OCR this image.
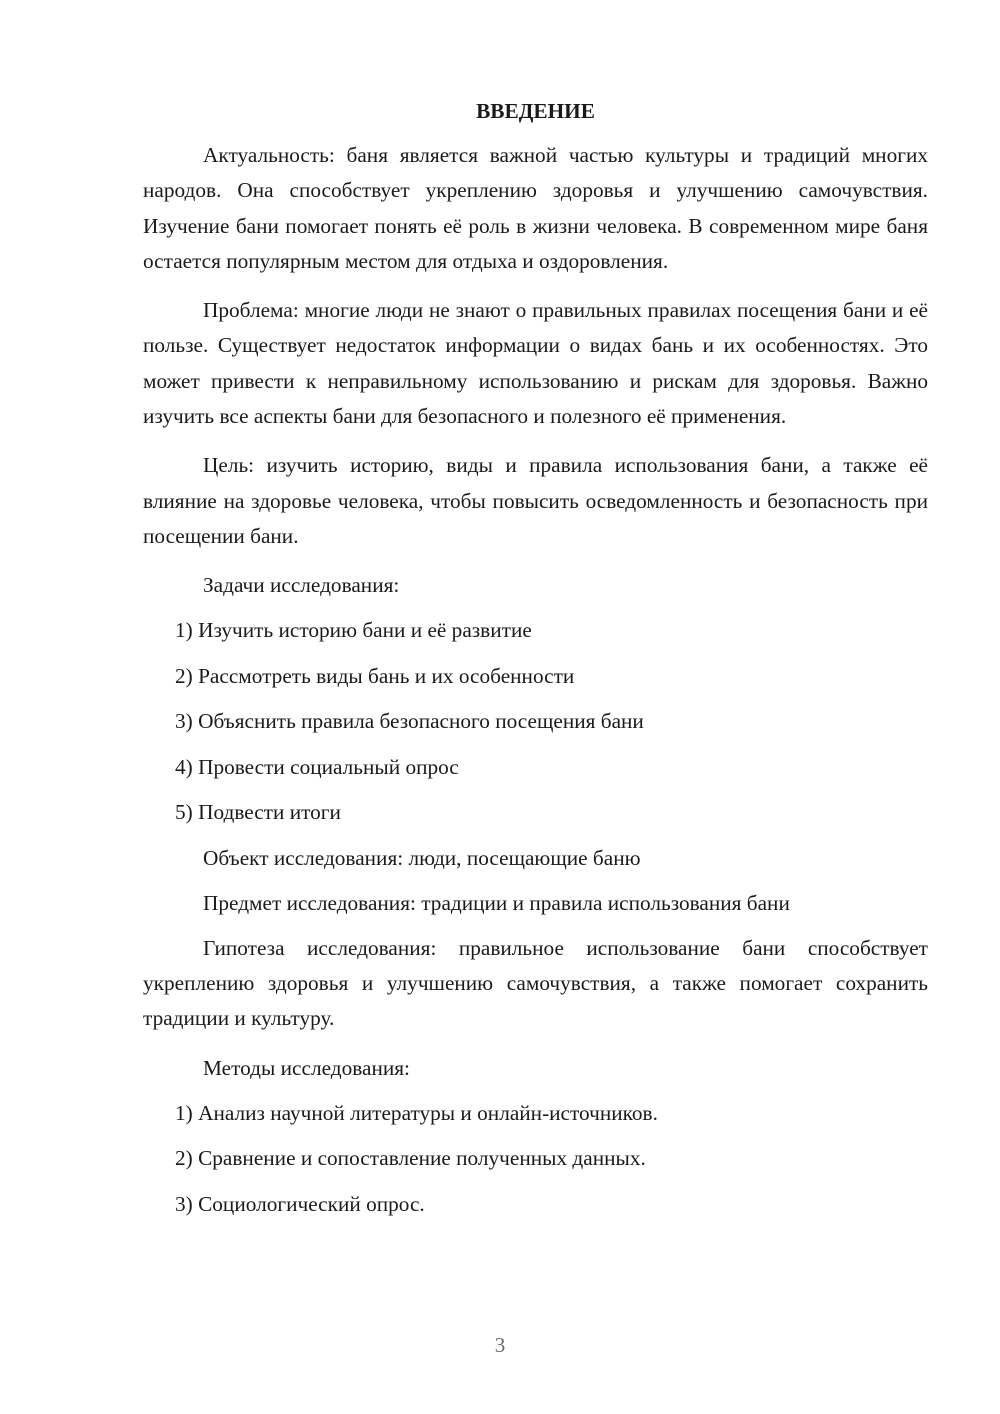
ВВЕДЕНИЕ

Актуальность: баня является важной частью культуры и традиций многих народов. Она способствует укреплению здоровья и улучшению самочувствия. Изучение бани помогает понять её роль в жизни человека. В современном мире баня остается популярным местом для отдыха и оздоровления.

Проблема: многие люди не знают о правильных правилах посещения бани и её пользе. Существует недостаток информации о видах бань и их особенностях. Это может привести к неправильному использованию и рискам для здоровья. Важно изучить все аспекты бани для безопасного и полезного её применения.

Цель: изучить историю, виды и правила использования бани, а также её влияние на здоровье человека, чтобы повысить осведомленность и безопасность при посещении бани.

Задачи исследования:
1) Изучить историю бани и её развитие
2) Рассмотреть виды бань и их особенности
3) Объяснить правила безопасного посещения бани
4) Провести социальный опрос
5) Подвести итоги
Объект исследования: люди, посещающие баню
Предмет исследования: традиции и правила использования бани

Гипотеза исследования: правильное использование бани способствует укреплению здоровья и улучшению самочувствия, а также помогает сохранить традиции и культуру.

Методы исследования:
1) Анализ научной литературы и онлайн-источников.
2) Сравнение и сопоставление полученных данных.
3) Социологический опрос.
3
